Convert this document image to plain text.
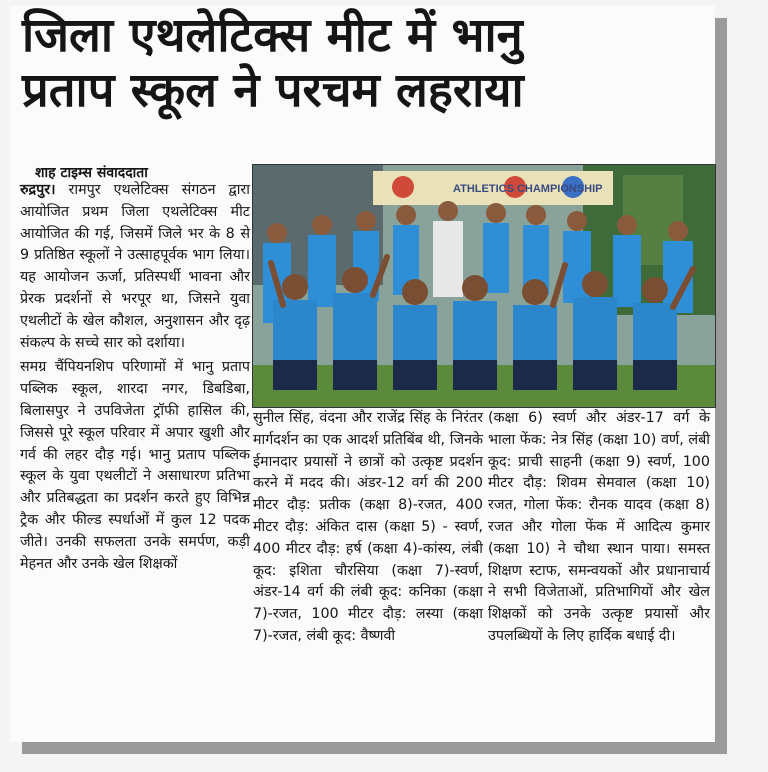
जिला एथलेटिक्स मीट में भानु
प्रताप स्कूल ने परचम लहराया
शाह टाइम्स संवाददाता

रुद्रपुर। रामपुर एथलेटिक्स संगठन द्वारा आयोजित प्रथम जिला एथलेटिक्स मीट आयोजित की गई, जिसमें जिले भर के 8 से 9 प्रतिष्ठित स्कूलों ने उत्साहपूर्वक भाग लिया। यह आयोजन ऊर्जा, प्रतिस्पर्धी भावना और प्रेरक प्रदर्शनों से भरपूर था, जिसने युवा एथलीटों के खेल कौशल, अनुशासन और दृढ़ संकल्प के सच्चे सार को दर्शाया।

समग्र चैंपियनशिप परिणामों में भानु प्रताप पब्लिक स्कूल, शारदा नगर, डिबडिबा, बिलासपुर ने उपविजेता ट्रॉफी हासिल की, जिससे पूरे स्कूल परिवार में अपार खुशी और गर्व की लहर दौड़ गई। भानु प्रताप पब्लिक स्कूल के युवा एथलीटों ने असाधारण प्रतिभा और प्रतिबद्धता का प्रदर्शन करते हुए विभिन्न ट्रैक और फील्ड स्पर्धाओं में कुल 12 पदक जीते। उनकी सफलता उनके समर्पण, कड़ी मेहनत और उनके खेल शिक्षकों

ATHLETICS CHAMPIONSHIP

सुनील सिंह, वंदना और राजेंद्र सिंह के निरंतर मार्गदर्शन का एक आदर्श प्रतिबिंब थी, जिनके ईमानदार प्रयासों ने छात्रों को उत्कृष्ट प्रदर्शन करने में मदद की। अंडर-12 वर्ग की 200 मीटर दौड़: प्रतीक (कक्षा 8)-रजत, 400 मीटर दौड़: अंकित दास (कक्षा 5) - स्वर्ण, 400 मीटर दौड़: हर्ष (कक्षा 4)-कांस्य, लंबी कूद: इशिता चौरसिया (कक्षा 7)-स्वर्ण, अंडर-14 वर्ग की लंबी कूद: कनिका (कक्षा 7)-रजत, 100 मीटर दौड़: लस्या (कक्षा 7)-रजत, लंबी कूद: वैष्णवी

(कक्षा 6) स्वर्ण और अंडर-17 वर्ग के भाला फेंक: नेत्र सिंह (कक्षा 10) वर्ण, लंबी कूद: प्राची साहनी (कक्षा 9) स्वर्ण, 100 मीटर दौड़: शिवम सेमवाल (कक्षा 10) रजत, गोला फेंक: रौनक यादव (कक्षा 8) रजत और गोला फेंक में आदित्य कुमार (कक्षा 10) ने चौथा स्थान पाया। समस्त शिक्षण स्टाफ, समन्वयकों और प्रधानाचार्य ने सभी विजेताओं, प्रतिभागियों और खेल शिक्षकों को उनके उत्कृष्ट प्रयासों और उपलब्धियों के लिए हार्दिक बधाई दी।
